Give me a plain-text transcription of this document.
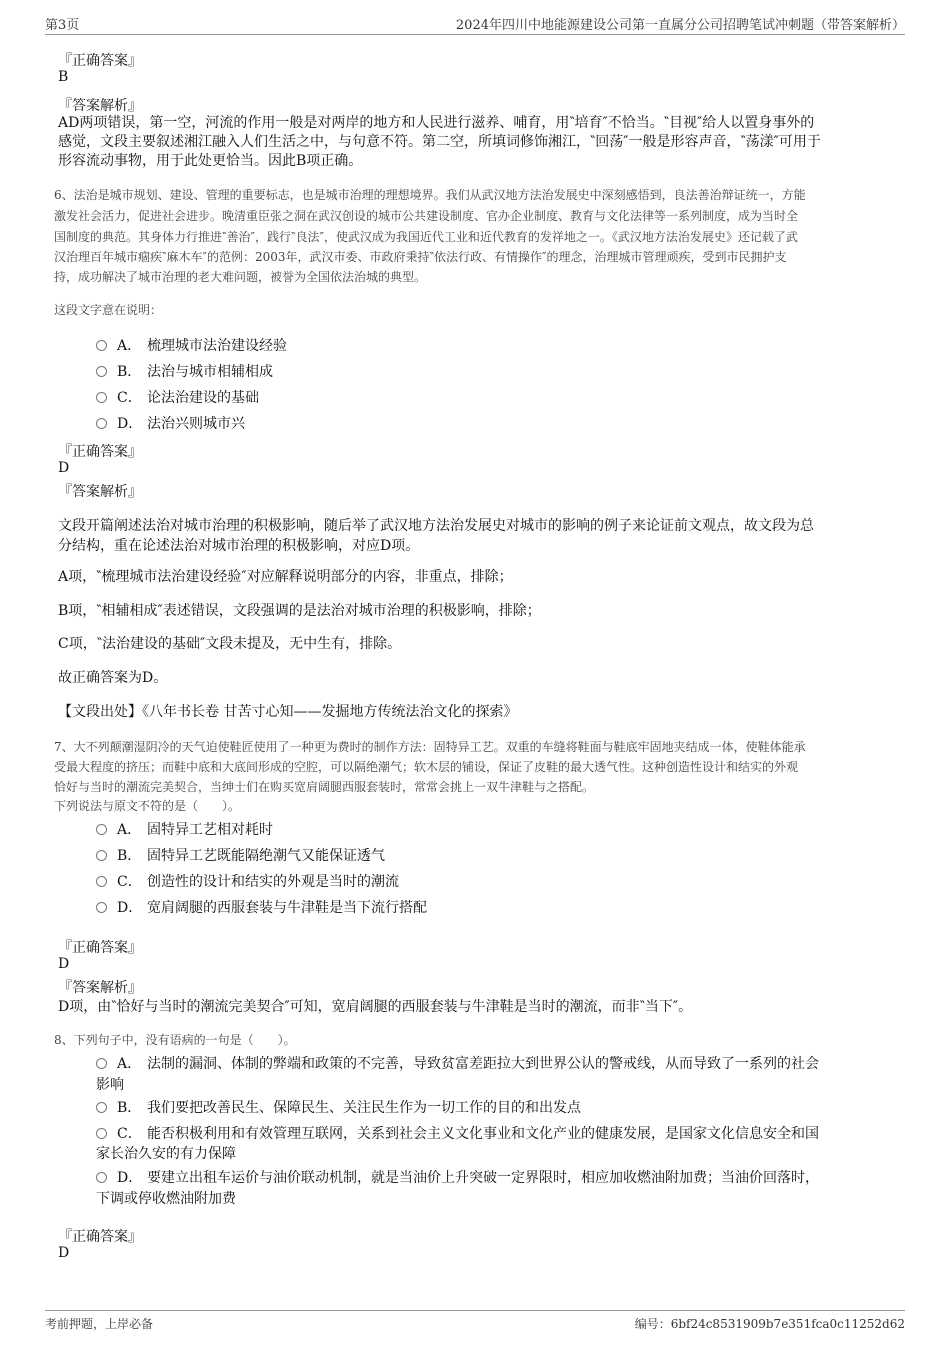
第3页	2024年四川中地能源建设公司第一直属分公司招聘笔试冲刺题（带答案解析）
『正确答案』
B
『答案解析』
AD两项错误，第一空，河流的作用一般是对两岸的地方和人民进行滋养、哺育，用‶培育″不恰当。‶目视″给人以置身事外的
感觉，文段主要叙述湘江融入人们生活之中，与句意不符。第二空，所填词修饰湘江，‶回荡″一般是形容声音，‶荡漾″可用于
形容流动事物，用于此处更恰当。因此B项正确。
6、法治是城市规划、建设、管理的重要标志，也是城市治理的理想境界。我们从武汉地方法治发展史中深刻感悟到，良法善治辩证统一，方能
激发社会活力，促进社会进步。晚清重臣张之洞在武汉创设的城市公共建设制度、官办企业制度、教育与文化法律等一系列制度，成为当时全
国制度的典范。其身体力行推进‶善治″，践行‶良法″，使武汉成为我国近代工业和近代教育的发祥地之一。《武汉地方法治发展史》还记载了武
汉治理百年城市痼疾‶麻木车″的范例：2003年，武汉市委、市政府秉持‶依法行政、有情操作″的理念，治理城市管理顽疾，受到市民拥护支
持，成功解决了城市治理的老大难问题，被誉为全国依法治城的典型。
这段文字意在说明：
A． 梳理城市法治建设经验
B． 法治与城市相辅相成
C． 论法治建设的基础
D． 法治兴则城市兴
『正确答案』
D
『答案解析』
文段开篇阐述法治对城市治理的积极影响，随后举了武汉地方法治发展史对城市的影响的例子来论证前文观点，故文段为总
分结构，重在论述法治对城市治理的积极影响，对应D项。
A项，‶梳理城市法治建设经验″对应解释说明部分的内容，非重点，排除；
B项，‶相辅相成″表述错误，文段强调的是法治对城市治理的积极影响，排除；
C项，‶法治建设的基础″文段未提及，无中生有，排除。
故正确答案为D。
【文段出处】《八年书长卷 甘苦寸心知——发掘地方传统法治文化的探索》
7、大不列颠潮湿阴冷的天气迫使鞋匠使用了一种更为费时的制作方法：固特异工艺。双重的车缝将鞋面与鞋底牢固地夹结成一体，使鞋体能承
受最大程度的挤压；而鞋中底和大底间形成的空腔，可以隔绝潮气；软木层的铺设，保证了皮鞋的最大透气性。这种创造性设计和结实的外观
恰好与当时的潮流完美契合，当绅士们在购买宽肩阔腿西服套装时，常常会挑上一双牛津鞋与之搭配。
下列说法与原文不符的是（　　）。
A． 固特异工艺相对耗时
B． 固特异工艺既能隔绝潮气又能保证透气
C． 创造性的设计和结实的外观是当时的潮流
D． 宽肩阔腿的西服套装与牛津鞋是当下流行搭配
『正确答案』
D
『答案解析』
D项，由‶恰好与当时的潮流完美契合″可知，宽肩阔腿的西服套装与牛津鞋是当时的潮流，而非‶当下″。
8、下列句子中，没有语病的一句是（　　）。
A． 法制的漏洞、体制的弊端和政策的不完善，导致贫富差距拉大到世界公认的警戒线，从而导致了一系列的社会
影响
B． 我们要把改善民生、保障民生、关注民生作为一切工作的目的和出发点
C． 能否积极利用和有效管理互联网，关系到社会主义文化事业和文化产业的健康发展，是国家文化信息安全和国
家长治久安的有力保障
D． 要建立出租车运价与油价联动机制，就是当油价上升突破一定界限时，相应加收燃油附加费；当油价回落时，
下调或停收燃油附加费
『正确答案』
D
考前押题，上岸必备	编号：6bf24c8531909b7e351fca0c11252d62
